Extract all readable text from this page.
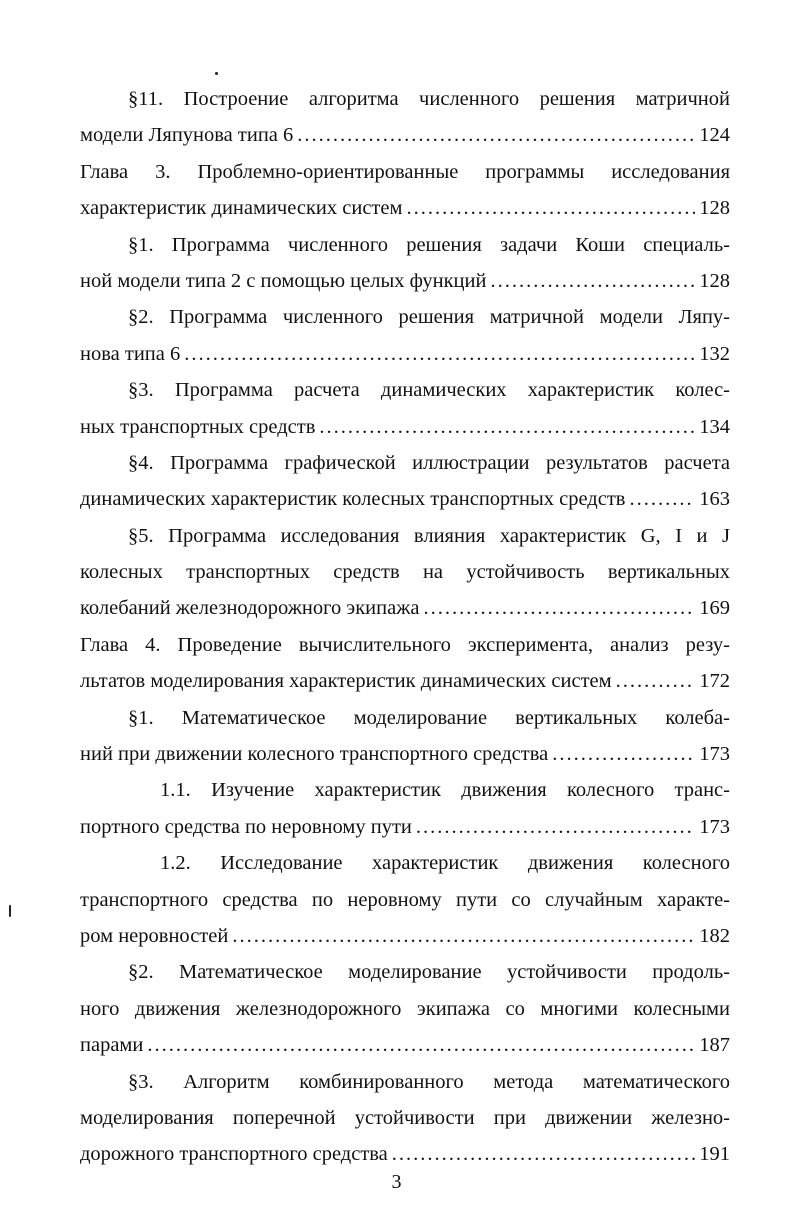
§11. Построение алгоритма численного решения матричной
модели Ляпунова типа 6 .....	124
Глава 3. Проблемно-ориентированные программы исследования
характеристик динамических систем .....	128
§1. Программа численного решения задачи Коши специаль-
ной модели типа 2 с помощью целых функций .....	128
§2. Программа численного решения матричной модели Ляпу-
нова типа 6 .....	132
§3. Программа расчета динамических характеристик колес-
ных транспортных средств .....	134
§4. Программа графической иллюстрации результатов расчета
динамических характеристик колесных транспортных средств .....	163
§5. Программа исследования влияния характеристик G, I и J
колесных транспортных средств на устойчивость вертикальных
колебаний железнодорожного экипажа .....	169
Глава 4. Проведение вычислительного эксперимента, анализ резу-
льтатов моделирования характеристик динамических систем .....	172
§1. Математическое моделирование вертикальных колеба-
ний при движении колесного транспортного средства .....	173
1.1. Изучение характеристик движения колесного транс-
портного средства по неровному пути .....	173
1.2. Исследование характеристик движения колесного
транспортного средства по неровному пути со случайным характе-
ром неровностей .....	182
§2. Математическое моделирование устойчивости продоль-
ного движения железнодорожного экипажа со многими колесными
парами .....	187
§3. Алгоритм комбинированного метода математического
моделирования поперечной устойчивости при движении железно-
дорожного транспортного средства .....	191
3
